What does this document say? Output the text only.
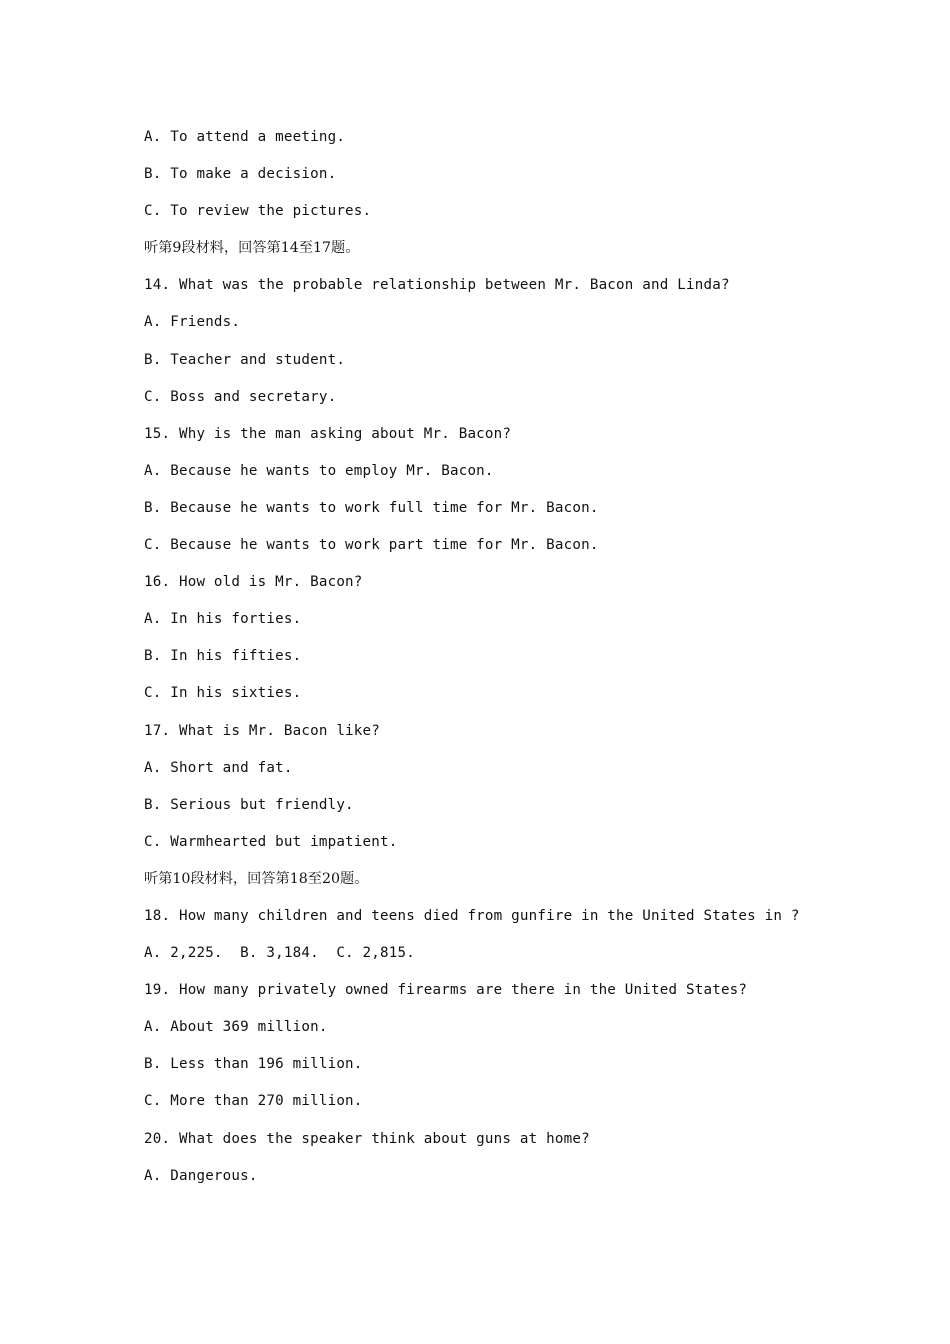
A. To attend a meeting.
B. To make a decision.
C. To review the pictures.
听第9段材料，回答第14至17题。
14. What was the probable relationship between Mr. Bacon and Linda?
A. Friends.
B. Teacher and student.
C. Boss and secretary.
15. Why is the man asking about Mr. Bacon?
A. Because he wants to employ Mr. Bacon.
B. Because he wants to work full time for Mr. Bacon.
C. Because he wants to work part time for Mr. Bacon.
16. How old is Mr. Bacon?
A. In his forties.
B. In his fifties.
C. In his sixties.
17. What is Mr. Bacon like?
A. Short and fat.
B. Serious but friendly.
C. Warmhearted but impatient.
听第10段材料，回答第18至20题。
18. How many children and teens died from gunfire in the United States in ?
A. 2,225.  B. 3,184.  C. 2,815.
19. How many privately owned firearms are there in the United States?
A. About 369 million.
B. Less than 196 million.
C. More than 270 million.
20. What does the speaker think about guns at home?
A. Dangerous.
